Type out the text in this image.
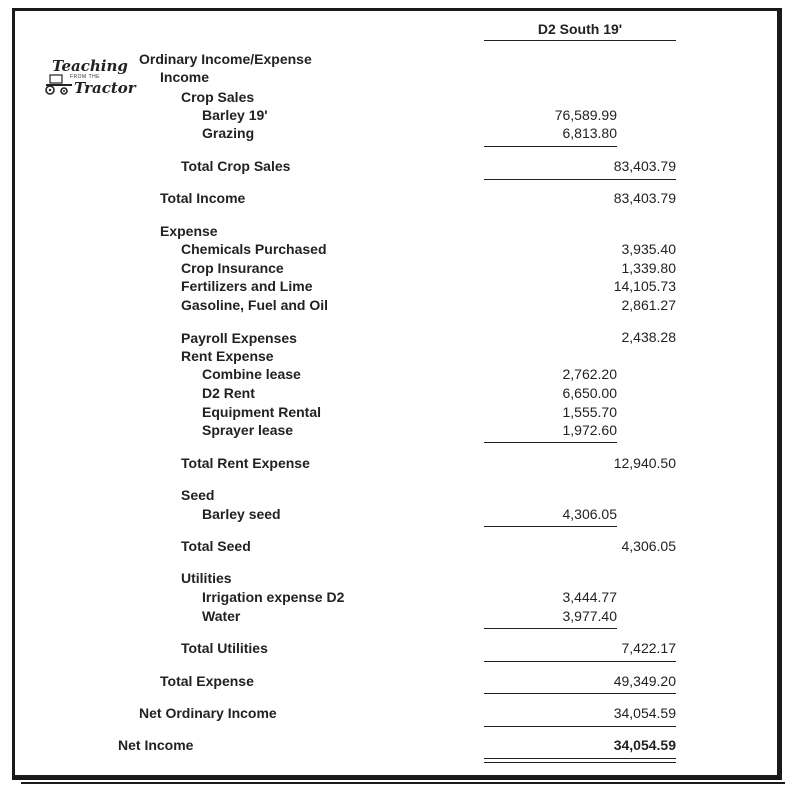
Teaching
FROM THE
Tractor
D2 South 19'
Ordinary Income/Expense
Income
Crop Sales
Barley 19'	76,589.99
Grazing	6,813.80
Total Crop Sales	83,403.79
Total Income	83,403.79
Expense
Chemicals Purchased	3,935.40
Crop Insurance	1,339.80
Fertilizers and Lime	14,105.73
Gasoline, Fuel and Oil	2,861.27
Payroll Expenses	2,438.28
Rent Expense
Combine lease	2,762.20
D2 Rent	6,650.00
Equipment Rental	1,555.70
Sprayer lease	1,972.60
Total Rent Expense	12,940.50
Seed
Barley seed	4,306.05
Total Seed	4,306.05
Utilities
Irrigation expense D2	3,444.77
Water	3,977.40
Total Utilities	7,422.17
Total Expense	49,349.20
Net Ordinary Income	34,054.59
Net Income	34,054.59
